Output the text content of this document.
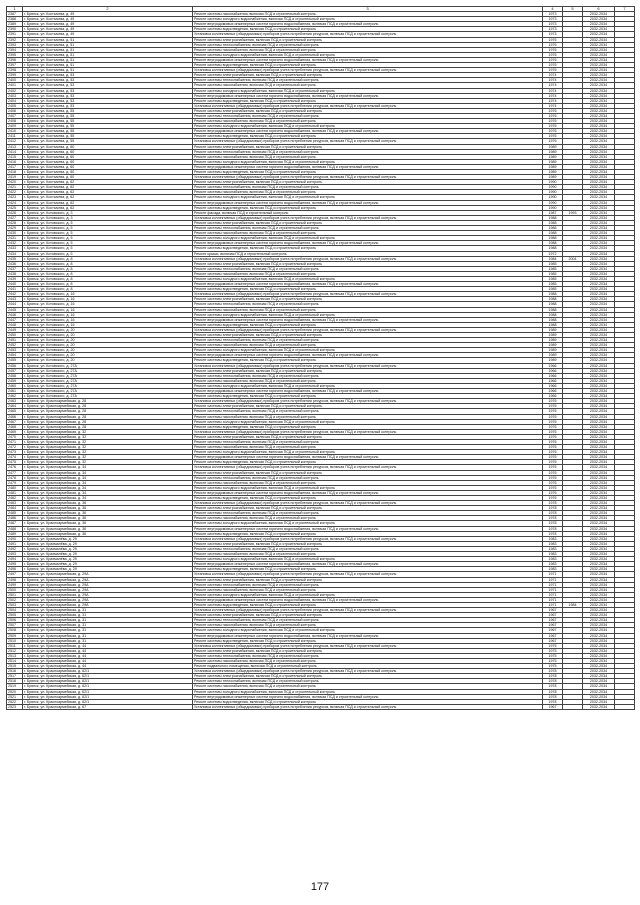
1	2	3	4	5	6	7
2387	г. Брянск, ул. Костычева, д. 49	Ремонт системы газоснабжения, включая ПСД и строительный контроль	1973		2032-2034	
2388	г. Брянск, ул. Костычева, д. 49	Ремонт системы холодного водоснабжения, включая ПСД и строительный контроль	1973		2032-2034	
2389	г. Брянск, ул. Костычева, д. 49	Ремонт внутридомовых инженерных систем горячего водоснабжения, включая ПСД и строительный контроль	1973		2032-2034	
2390	г. Брянск, ул. Костычева, д. 49	Ремонт системы водоотведения, включая ПСД и строительный контроль	1973		2032-2034	
2391	г. Брянск, ул. Костычева, д. 49	Установка коллективных (общедомовых) приборов учета потребления ресурсов, включая ПСД и строительный контроль	1973		2032-2034	
2392	г. Брянск, ул. Костычева, д. 51	Ремонт системы электроснабжения, включая ПСД и строительный контроль	1976		2032-2034	
2393	г. Брянск, ул. Костычева, д. 51	Ремонт системы теплоснабжения, включая ПСД и строительный контроль	1976		2032-2034	
2394	г. Брянск, ул. Костычева, д. 51	Ремонт системы газоснабжения, включая ПСД и строительный контроль	1976		2032-2034	
2395	г. Брянск, ул. Костычева, д. 51	Ремонт системы холодного водоснабжения, включая ПСД и строительный контроль	1976		2032-2034	
2396	г. Брянск, ул. Костычева, д. 51	Ремонт внутридомовых инженерных систем горячего водоснабжения, включая ПСД и строительный контроль	1976		2032-2034	
2397	г. Брянск, ул. Костычева, д. 51	Ремонт системы водоотведения, включая ПСД и строительный контроль	1976		2032-2034	
2398	г. Брянск, ул. Костычева, д. 51	Установка коллективных (общедомовых) приборов учета потребления ресурсов, включая ПСД и строительный контроль	1976		2032-2034	
2399	г. Брянск, ул. Костычева, д. 53	Ремонт системы электроснабжения, включая ПСД и строительный контроль	1974		2032-2034	
2400	г. Брянск, ул. Костычева, д. 53	Ремонт системы теплоснабжения, включая ПСД и строительный контроль	1974		2032-2034	
2401	г. Брянск, ул. Костычева, д. 53	Ремонт системы газоснабжения, включая ПСД и строительный контроль	1974		2032-2034	
2402	г. Брянск, ул. Костычева, д. 53	Ремонт системы холодного водоснабжения, включая ПСД и строительный контроль	1974		2032-2034	
2403	г. Брянск, ул. Костычева, д. 53	Ремонт внутридомовых инженерных систем горячего водоснабжения, включая ПСД и строительный контроль	1974		2032-2034	
2404	г. Брянск, ул. Костычева, д. 53	Ремонт системы водоотведения, включая ПСД и строительный контроль	1974		2032-2034	
2405	г. Брянск, ул. Костычева, д. 53	Установка коллективных (общедомовых) приборов учета потребления ресурсов, включая ПСД и строительный контроль	1974		2032-2034	
2406	г. Брянск, ул. Костычева, д. 55	Ремонт системы электроснабжения, включая ПСД и строительный контроль	1976		2032-2034	
2407	г. Брянск, ул. Костычева, д. 55	Ремонт системы теплоснабжения, включая ПСД и строительный контроль	1976		2032-2034	
2408	г. Брянск, ул. Костычева, д. 55	Ремонт системы газоснабжения, включая ПСД и строительный контроль	1976		2032-2034	
2409	г. Брянск, ул. Костычева, д. 55	Ремонт системы холодного водоснабжения, включая ПСД и строительный контроль	1976		2032-2034	
2410	г. Брянск, ул. Костычева, д. 55	Ремонт внутридомовых инженерных систем горячего водоснабжения, включая ПСД и строительный контроль	1976		2032-2034	
2411	г. Брянск, ул. Костычева, д. 55	Ремонт системы водоотведения, включая ПСД и строительный контроль	1976		2032-2034	
2412	г. Брянск, ул. Костычева, д. 55	Установка коллективных (общедомовых) приборов учета потребления ресурсов, включая ПСД и строительный контроль	1976		2032-2034	
2413	г. Брянск, ул. Костычева, д. 60	Ремонт системы электроснабжения, включая ПСД и строительный контроль	1989		2032-2034	
2414	г. Брянск, ул. Костычева, д. 60	Ремонт системы теплоснабжения, включая ПСД и строительный контроль	1989		2032-2034	
2415	г. Брянск, ул. Костычева, д. 60	Ремонт системы газоснабжения, включая ПСД и строительный контроль	1989		2032-2034	
2416	г. Брянск, ул. Костычева, д. 60	Ремонт системы холодного водоснабжения, включая ПСД и строительный контроль	1989		2032-2034	
2417	г. Брянск, ул. Костычева, д. 60	Ремонт внутридомовых инженерных систем горячего водоснабжения, включая ПСД и строительный контроль	1989		2032-2034	
2418	г. Брянск, ул. Костычева, д. 60	Ремонт системы водоотведения, включая ПСД и строительный контроль	1989		2032-2034	
2419	г. Брянск, ул. Костычева, д. 60	Установка коллективных (общедомовых) приборов учета потребления ресурсов, включая ПСД и строительный контроль	1989		2032-2034	
2420	г. Брянск, ул. Костычева, д. 62	Ремонт системы электроснабжения, включая ПСД и строительный контроль	1990		2032-2034	
2421	г. Брянск, ул. Костычева, д. 62	Ремонт системы теплоснабжения, включая ПСД и строительный контроль	1990		2032-2034	
2422	г. Брянск, ул. Костычева, д. 62	Ремонт системы газоснабжения, включая ПСД и строительный контроль	1990		2032-2034	
2423	г. Брянск, ул. Костычева, д. 62	Ремонт системы холодного водоснабжения, включая ПСД и строительный контроль	1990		2032-2034	
2424	г. Брянск, ул. Костычева, д. 62	Ремонт внутридомовых инженерных систем горячего водоснабжения, включая ПСД и строительный контроль	1990		2032-2034	
2425	г. Брянск, ул. Костычева, д. 62	Ремонт системы водоотведения, включая ПСД и строительный контроль	1990		2032-2034	
2426	г. Брянск, ул. Котовского, д. 3	Ремонт фасада, включая ПСД и строительный контроль	1987	1993	2032-2034	
2427	г. Брянск, ул. Котовского, д. 3	Установка коллективных (общедомовых) приборов учета потребления ресурсов, включая ПСД и строительный контроль	1988		2032-2034	
2428	г. Брянск, ул. Котовского, д. 5	Ремонт системы электроснабжения, включая ПСД и строительный контроль	1988		2032-2034	
2429	г. Брянск, ул. Котовского, д. 5	Ремонт системы теплоснабжения, включая ПСД и строительный контроль	1988		2032-2034	
2430	г. Брянск, ул. Котовского, д. 5	Ремонт системы газоснабжения, включая ПСД и строительный контроль	1988		2032-2034	
2431	г. Брянск, ул. Котовского, д. 5	Ремонт системы холодного водоснабжения, включая ПСД и строительный контроль	1988		2032-2034	
2432	г. Брянск, ул. Котовского, д. 5	Ремонт внутридомовых инженерных систем горячего водоснабжения, включая ПСД и строительный контроль	1988		2032-2034	
2433	г. Брянск, ул. Котовского, д. 5	Ремонт системы водоотведения, включая ПСД и строительный контроль	1988		2032-2034	
2434	г. Брянск, ул. Котовского, д. 5	Ремонт крыши, включая ПСД и строительный контроль	1972		2032-2034	
2435	г. Брянск, ул. Котовского, д. 8	Установка коллективных (общедомовых) приборов учета потребления ресурсов, включая ПСД и строительный контроль	1984	2004	2032-2034	
2436	г. Брянск, ул. Котовского, д. 8	Ремонт системы электроснабжения, включая ПСД и строительный контроль	1985		2032-2034	
2437	г. Брянск, ул. Котовского, д. 8	Ремонт системы теплоснабжения, включая ПСД и строительный контроль	1985		2032-2034	
2438	г. Брянск, ул. Котовского, д. 8	Ремонт системы газоснабжения, включая ПСД и строительный контроль	1985		2032-2034	
2439	г. Брянск, ул. Котовского, д. 8	Ремонт системы холодного водоснабжения, включая ПСД и строительный контроль	1985		2032-2034	
2440	г. Брянск, ул. Котовского, д. 8	Ремонт внутридомовых инженерных систем горячего водоснабжения, включая ПСД и строительный контроль	1985		2032-2034	
2441	г. Брянск, ул. Котовского, д. 8	Ремонт системы водоотведения, включая ПСД и строительный контроль	1985		2032-2034	
2442	г. Брянск, ул. Котовского, д. 16	Установка коллективных (общедомовых) приборов учета потребления ресурсов, включая ПСД и строительный контроль	1988		2032-2034	
2443	г. Брянск, ул. Котовского, д. 16	Ремонт системы электроснабжения, включая ПСД и строительный контроль	1988		2032-2034	
2444	г. Брянск, ул. Котовского, д. 16	Ремонт системы теплоснабжения, включая ПСД и строительный контроль	1988		2032-2034	
2445	г. Брянск, ул. Котовского, д. 16	Ремонт системы газоснабжения, включая ПСД и строительный контроль	1988		2032-2034	
2446	г. Брянск, ул. Котовского, д. 16	Ремонт системы холодного водоснабжения, включая ПСД и строительный контроль	1988		2032-2034	
2447	г. Брянск, ул. Котовского, д. 16	Ремонт внутридомовых инженерных систем горячего водоснабжения, включая ПСД и строительный контроль	1988		2032-2034	
2448	г. Брянск, ул. Котовского, д. 16	Ремонт системы водоотведения, включая ПСД и строительный контроль	1988		2032-2034	
2449	г. Брянск, ул. Котовского, д. 20	Установка коллективных (общедомовых) приборов учета потребления ресурсов, включая ПСД и строительный контроль	1989		2032-2034	
2450	г. Брянск, ул. Котовского, д. 20	Ремонт системы электроснабжения, включая ПСД и строительный контроль	1989		2032-2034	
2451	г. Брянск, ул. Котовского, д. 20	Ремонт системы теплоснабжения, включая ПСД и строительный контроль	1989		2032-2034	
2452	г. Брянск, ул. Котовского, д. 20	Ремонт системы газоснабжения, включая ПСД и строительный контроль	1989		2032-2034	
2453	г. Брянск, ул. Котовского, д. 20	Ремонт системы холодного водоснабжения, включая ПСД и строительный контроль	1989		2032-2034	
2454	г. Брянск, ул. Котовского, д. 20	Ремонт внутридомовых инженерных систем горячего водоснабжения, включая ПСД и строительный контроль	1989		2032-2034	
2455	г. Брянск, ул. Котовского, д. 20	Ремонт системы водоотведения, включая ПСД и строительный контроль	1989		2032-2034	
2456	г. Брянск, ул. Котовского, д. 27А	Установка коллективных (общедомовых) приборов учета потребления ресурсов, включая ПСД и строительный контроль	1966		2032-2034	
2457	г. Брянск, ул. Котовского, д. 27А	Ремонт системы электроснабжения, включая ПСД и строительный контроль	1966		2032-2034	
2458	г. Брянск, ул. Котовского, д. 27А	Ремонт системы теплоснабжения, включая ПСД и строительный контроль	1966		2032-2034	
2459	г. Брянск, ул. Котовского, д. 27А	Ремонт системы газоснабжения, включая ПСД и строительный контроль	1966		2032-2034	
2460	г. Брянск, ул. Котовского, д. 27А	Ремонт системы холодного водоснабжения, включая ПСД и строительный контроль	1966		2032-2034	
2461	г. Брянск, ул. Котовского, д. 27А	Ремонт внутридомовых инженерных систем горячего водоснабжения, включая ПСД и строительный контроль	1966		2032-2034	
2462	г. Брянск, ул. Котовского, д. 27А	Ремонт системы водоотведения, включая ПСД и строительный контроль	1966		2032-2034	
2463	г. Брянск, ул. Красноармейская, д. 28	Установка коллективных (общедомовых) приборов учета потребления ресурсов, включая ПСД и строительный контроль	1976		2032-2034	
2464	г. Брянск, ул. Красноармейская, д. 28	Ремонт системы электроснабжения, включая ПСД и строительный контроль	1976		2032-2034	
2465	г. Брянск, ул. Красноармейская, д. 28	Ремонт системы теплоснабжения, включая ПСД и строительный контроль	1976		2032-2034	
2466	г. Брянск, ул. Красноармейская, д. 28	Ремонт системы газоснабжения, включая ПСД и строительный контроль	1976		2032-2034	
2467	г. Брянск, ул. Красноармейская, д. 28	Ремонт системы холодного водоснабжения, включая ПСД и строительный контроль	1976		2032-2034	
2468	г. Брянск, ул. Красноармейская, д. 28	Ремонт системы водоотведения, включая ПСД и строительный контроль	1976		2032-2034	
2469	г. Брянск, ул. Красноармейская, д. 32	Установка коллективных (общедомовых) приборов учета потребления ресурсов, включая ПСД и строительный контроль	1976		2032-2034	
2470	г. Брянск, ул. Красноармейская, д. 32	Ремонт системы электроснабжения, включая ПСД и строительный контроль	1976		2032-2034	
2471	г. Брянск, ул. Красноармейская, д. 32	Ремонт системы теплоснабжения, включая ПСД и строительный контроль	1976		2032-2034	
2472	г. Брянск, ул. Красноармейская, д. 32	Ремонт системы газоснабжения, включая ПСД и строительный контроль	1976		2032-2034	
2473	г. Брянск, ул. Красноармейская, д. 32	Ремонт системы холодного водоснабжения, включая ПСД и строительный контроль	1976		2032-2034	
2474	г. Брянск, ул. Красноармейская, д. 32	Ремонт внутридомовых инженерных систем горячего водоснабжения, включая ПСД и строительный контроль	1976		2032-2034	
2475	г. Брянск, ул. Красноармейская, д. 32	Ремонт системы водоотведения, включая ПСД и строительный контроль	1976		2032-2034	
2476	г. Брянск, ул. Красноармейская, д. 34	Установка коллективных (общедомовых) приборов учета потребления ресурсов, включая ПСД и строительный контроль	1976		2032-2034	
2477	г. Брянск, ул. Красноармейская, д. 34	Ремонт системы электроснабжения, включая ПСД и строительный контроль	1976		2032-2034	
2478	г. Брянск, ул. Красноармейская, д. 34	Ремонт системы теплоснабжения, включая ПСД и строительный контроль	1976		2032-2034	
2479	г. Брянск, ул. Красноармейская, д. 34	Ремонт системы газоснабжения, включая ПСД и строительный контроль	1976		2032-2034	
2480	г. Брянск, ул. Красноармейская, д. 34	Ремонт системы холодного водоснабжения, включая ПСД и строительный контроль	1976		2032-2034	
2481	г. Брянск, ул. Красноармейская, д. 34	Ремонт внутридомовых инженерных систем горячего водоснабжения, включая ПСД и строительный контроль	1976		2032-2034	
2482	г. Брянск, ул. Красноармейская, д. 34	Ремонт системы водоотведения, включая ПСД и строительный контроль	1976		2032-2034	
2483	г. Брянск, ул. Красноармейская, д. 36	Установка коллективных (общедомовых) приборов учета потребления ресурсов, включая ПСД и строительный контроль	1978		2032-2034	
2484	г. Брянск, ул. Красноармейская, д. 36	Ремонт системы электроснабжения, включая ПСД и строительный контроль	1978		2032-2034	
2485	г. Брянск, ул. Красноармейская, д. 36	Ремонт системы теплоснабжения, включая ПСД и строительный контроль	1978		2032-2034	
2486	г. Брянск, ул. Красноармейская, д. 36	Ремонт системы газоснабжения, включая ПСД и строительный контроль	1978		2032-2034	
2487	г. Брянск, ул. Красноармейская, д. 36	Ремонт системы холодного водоснабжения, включая ПСД и строительный контроль	1978		2032-2034	
2488	г. Брянск, ул. Красноармейская, д. 36	Ремонт внутридомовых инженерных систем горячего водоснабжения, включая ПСД и строительный контроль	1978		2032-2034	
2489	г. Брянск, ул. Красноармейская, д. 36	Ремонт системы водоотведения, включая ПСД и строительный контроль	1978		2032-2034	
2490	г. Брянск, ул. Крахмалёва, д. 29	Установка коллективных (общедомовых) приборов учета потребления ресурсов, включая ПСД и строительный контроль	1983		2032-2034	
2491	г. Брянск, ул. Крахмалёва, д. 29	Ремонт системы электроснабжения, включая ПСД и строительный контроль	1983		2032-2034	
2492	г. Брянск, ул. Крахмалёва, д. 29	Ремонт системы теплоснабжения, включая ПСД и строительный контроль	1983		2032-2034	
2493	г. Брянск, ул. Крахмалёва, д. 29	Ремонт системы газоснабжения, включая ПСД и строительный контроль	1983		2032-2034	
2494	г. Брянск, ул. Крахмалёва, д. 29	Ремонт системы холодного водоснабжения, включая ПСД и строительный контроль	1983		2032-2034	
2495	г. Брянск, ул. Крахмалёва, д. 29	Ремонт внутридомовых инженерных систем горячего водоснабжения, включая ПСД и строительный контроль	1983		2032-2034	
2496	г. Брянск, ул. Крахмалёва, д. 29	Ремонт системы водоотведения, включая ПСД и строительный контроль	1983		2032-2034	
2497	г. Брянск, ул. Красноармейская, д. 29А	Установка коллективных (общедомовых) приборов учета потребления ресурсов, включая ПСД и строительный контроль	1971		2032-2034	
2498	г. Брянск, ул. Красноармейская, д. 29А	Ремонт системы электроснабжения, включая ПСД и строительный контроль	1971		2032-2034	
2499	г. Брянск, ул. Красноармейская, д. 29А	Ремонт системы теплоснабжения, включая ПСД и строительный контроль	1971		2032-2034	
2500	г. Брянск, ул. Красноармейская, д. 29А	Ремонт системы газоснабжения, включая ПСД и строительный контроль	1971		2032-2034	
2501	г. Брянск, ул. Красноармейская, д. 29А	Ремонт системы холодного водоснабжения, включая ПСД и строительный контроль	1971		2032-2034	
2502	г. Брянск, ул. Красноармейская, д. 29А	Ремонт внутридомовых инженерных систем горячего водоснабжения, включая ПСД и строительный контроль	1971		2032-2034	
2503	г. Брянск, ул. Красноармейская, д. 29А	Ремонт системы водоотведения, включая ПСД и строительный контроль	1971	1984	2032-2034	
2504	г. Брянск, ул. Красноармейская, д. 31	Установка коллективных (общедомовых) приборов учета потребления ресурсов, включая ПСД и строительный контроль	1967		2032-2034	
2505	г. Брянск, ул. Красноармейская, д. 31	Ремонт системы электроснабжения, включая ПСД и строительный контроль	1967		2032-2034	
2506	г. Брянск, ул. Красноармейская, д. 31	Ремонт системы теплоснабжения, включая ПСД и строительный контроль	1967		2032-2034	
2507	г. Брянск, ул. Красноармейская, д. 31	Ремонт системы газоснабжения, включая ПСД и строительный контроль	1967		2032-2034	
2508	г. Брянск, ул. Красноармейская, д. 31	Ремонт системы холодного водоснабжения, включая ПСД и строительный контроль	1967		2032-2034	
2509	г. Брянск, ул. Красноармейская, д. 31	Ремонт внутридомовых инженерных систем горячего водоснабжения, включая ПСД и строительный контроль	1967		2032-2034	
2510	г. Брянск, ул. Красноармейская, д. 31	Ремонт системы водоотведения, включая ПСД и строительный контроль	1967		2032-2034	
2511	г. Брянск, ул. Красноармейская, д. 44	Установка коллективных (общедомовых) приборов учета потребления ресурсов, включая ПСД и строительный контроль	1975		2032-2034	
2512	г. Брянск, ул. Красноармейская, д. 44	Ремонт системы электроснабжения, включая ПСД и строительный контроль	1975		2032-2034	
2513	г. Брянск, ул. Красноармейская, д. 44	Ремонт системы теплоснабжения, включая ПСД и строительный контроль	1975		2032-2034	
2514	г. Брянск, ул. Красноармейская, д. 44	Ремонт системы газоснабжения, включая ПСД и строительный контроль	1975		2032-2034	
2515	г. Брянск, ул. Красноармейская, д. 44	Ремонт подвального помещения, включая ПСД и строительный контроль	1975		2032-2034	
2516	г. Брянск, ул. Красноармейская, д. 62/1	Установка коллективных (общедомовых) приборов учета потребления ресурсов, включая ПСД и строительный контроль	1978		2032-2034	
2517	г. Брянск, ул. Красноармейская, д. 62/1	Ремонт системы электроснабжения, включая ПСД и строительный контроль	1978		2032-2034	
2518	г. Брянск, ул. Красноармейская, д. 62/1	Ремонт системы теплоснабжения, включая ПСД и строительный контроль	1978		2032-2034	
2519	г. Брянск, ул. Красноармейская, д. 62/1	Ремонт системы газоснабжения, включая ПСД и строительный контроль	1978		2032-2034	
2520	г. Брянск, ул. Красноармейская, д. 62/1	Ремонт системы холодного водоснабжения, включая ПСД и строительный контроль	1978		2032-2034	
2521	г. Брянск, ул. Красноармейская, д. 62/1	Ремонт внутридомовых инженерных систем горячего водоснабжения, включая ПСД и строительный контроль	1978		2032-2034	
2522	г. Брянск, ул. Красноармейская, д. 62/1	Ремонт системы водоотведения, включая ПСД и строительный контроль	1978		2032-2034	
2523	г. Брянск, ул. Красноармейская, д. 67	Установка коллективных (общедомовых) приборов учета потребления ресурсов, включая ПСД и строительный контроль	1967		2032-2034	
177
